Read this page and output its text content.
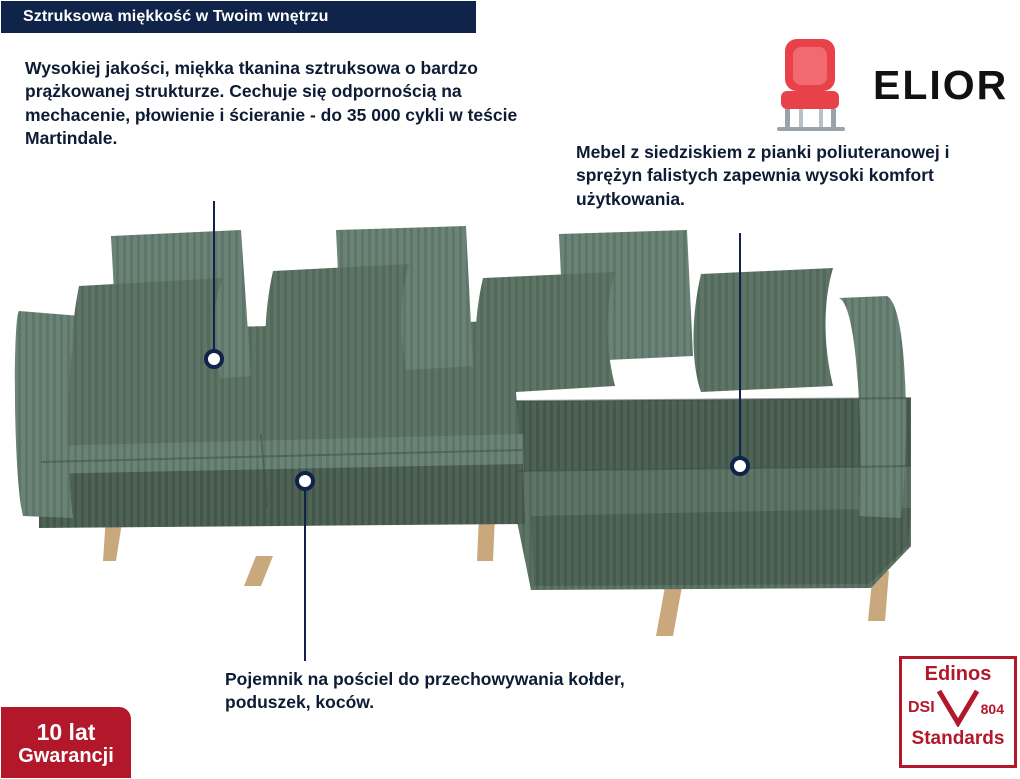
Sztruksowa miękkość w Twoim wnętrzu
Wysokiej jakości, miękka tkanina sztruksowa o bardzo prążkowanej strukturze. Cechuje się odpornością na mechacenie, płowienie i ścieranie - do 35 000 cykli w teście Martindale.
Mebel z siedziskiem z pianki poliuteranowej i sprężyn falistych zapewnia wysoki komfort użytkowania.
Pojemnik na pościel do przechowywania kołder, poduszek, koców.
ELIOR
10 lat
Gwarancji
Edinos
DSI	804
Standards
